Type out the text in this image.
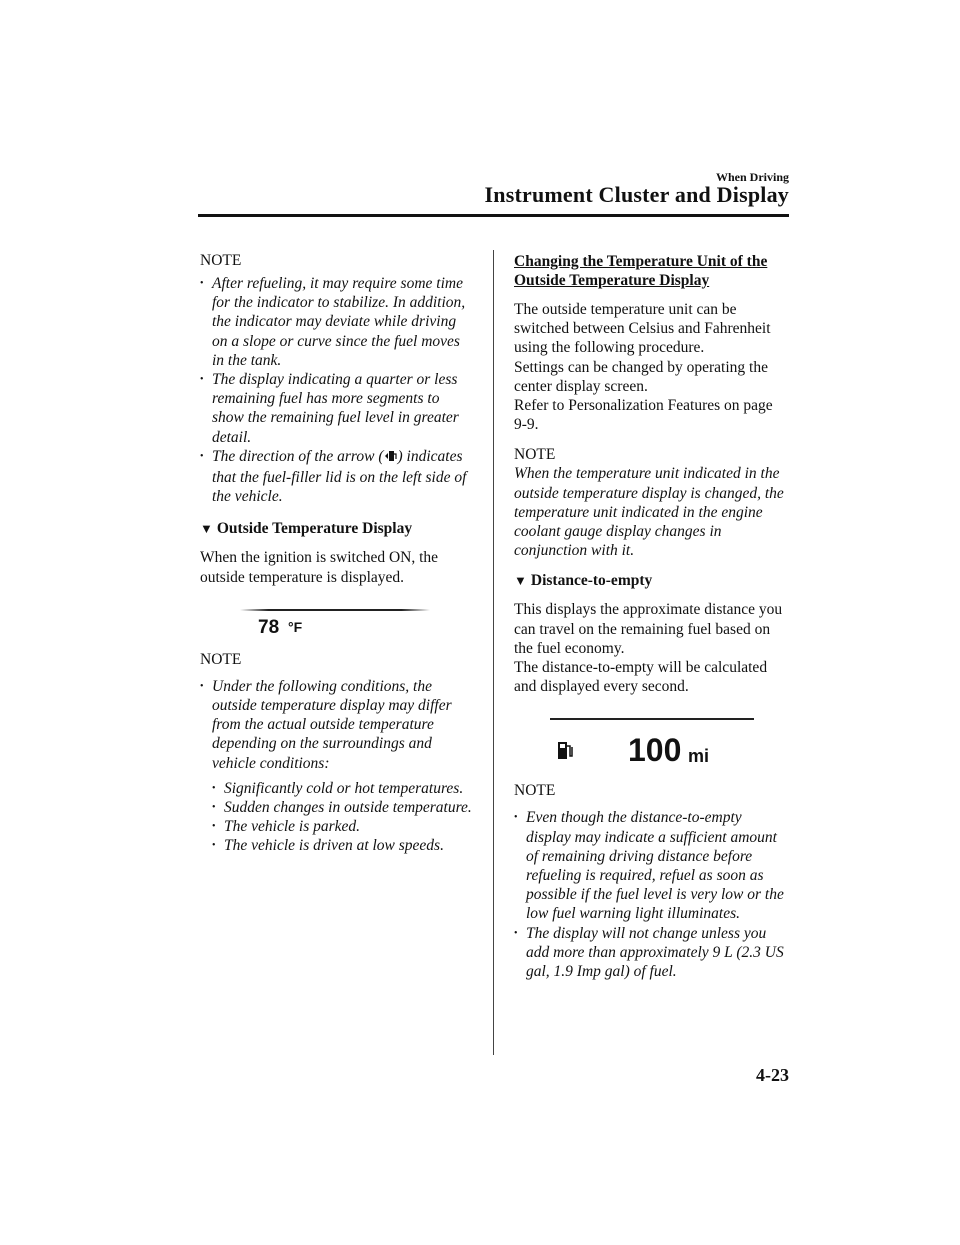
When Driving
Instrument Cluster and Display

NOTE

• After refueling, it may require some time for the indicator to stabilize. In addition, the indicator may deviate while driving on a slope or curve since the fuel moves in the tank.
• The display indicating a quarter or less remaining fuel has more segments to show the remaining fuel level in greater detail.
• The direction of the arrow ( ) indicates that the fuel-filler lid is on the left side of the vehicle.

▼ Outside Temperature Display

When the ignition is switched ON, the outside temperature is displayed.

78 °F

NOTE

• Under the following conditions, the outside temperature display may differ from the actual outside temperature depending on the surroundings and vehicle conditions:
• Significantly cold or hot temperatures.
• Sudden changes in outside temperature.
• The vehicle is parked.
• The vehicle is driven at low speeds.

Changing the Temperature Unit of the Outside Temperature Display

The outside temperature unit can be switched between Celsius and Fahrenheit using the following procedure.

Settings can be changed by operating the center display screen.

Refer to Personalization Features on page 9-9.

NOTE

When the temperature unit indicated in the outside temperature display is changed, the temperature unit indicated in the engine coolant gauge display changes in conjunction with it.

▼ Distance-to-empty

This displays the approximate distance you can travel on the remaining fuel based on the fuel economy.

The distance-to-empty will be calculated and displayed every second.

100 mi

NOTE

• Even though the distance-to-empty display may indicate a sufficient amount of remaining driving distance before refueling is required, refuel as soon as possible if the fuel level is very low or the low fuel warning light illuminates.
• The display will not change unless you add more than approximately 9 L (2.3 US gal, 1.9 Imp gal) of fuel.
4-23
